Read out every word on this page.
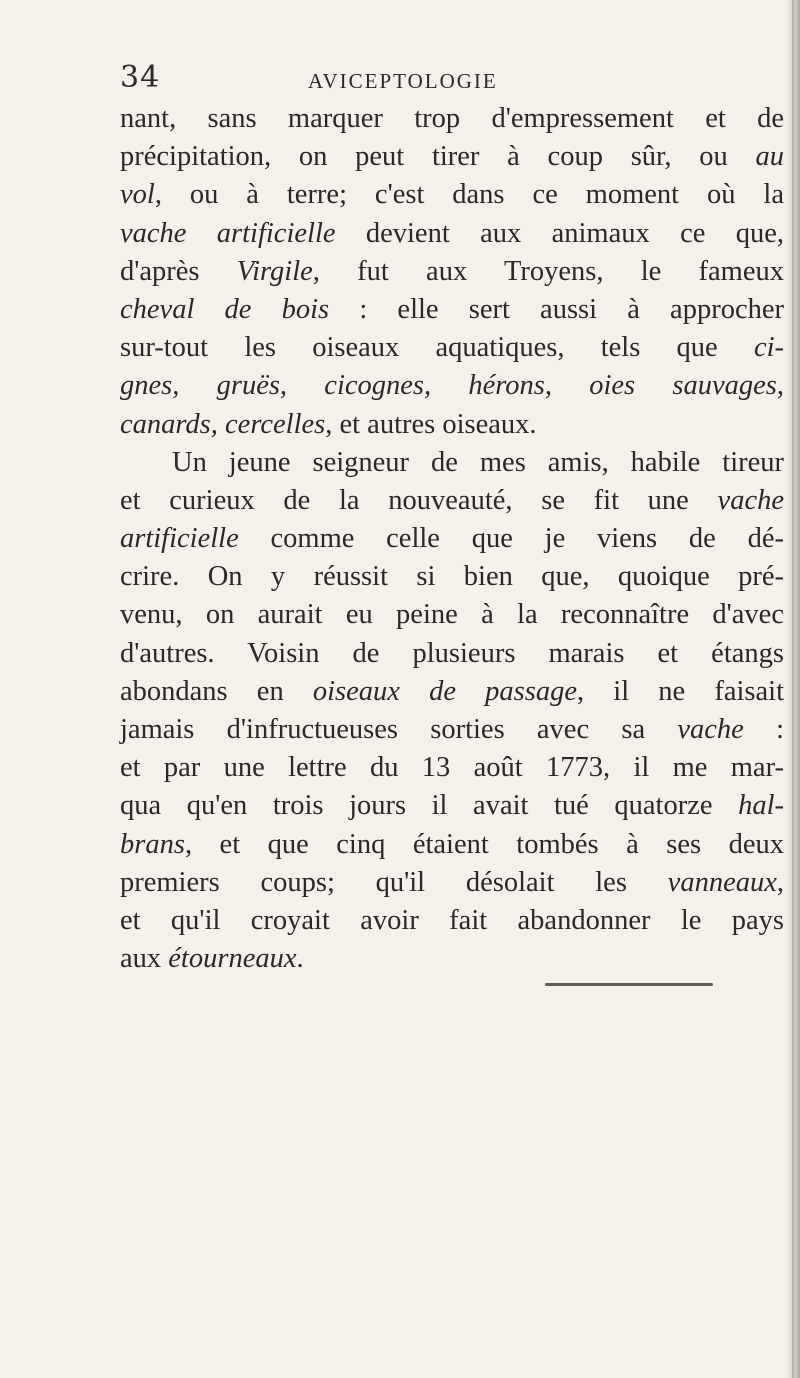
34	AVICEPTOLOGIE
nant, sans marquer trop d'empressement et de
précipitation, on peut tirer à coup sûr, ou au
vol, ou à terre; c'est dans ce moment où la
vache artificielle devient aux animaux ce que,
d'après Virgile, fut aux Troyens, le fameux
cheval de bois : elle sert aussi à approcher
sur-tout les oiseaux aquatiques, tels que ci-
gnes, gruës, cicognes, hérons, oies sauvages,
canards, cercelles, et autres oiseaux.
Un jeune seigneur de mes amis, habile tireur
et curieux de la nouveauté, se fit une vache
artificielle comme celle que je viens de dé-
crire. On y réussit si bien que, quoique pré-
venu, on aurait eu peine à la reconnaître d'avec
d'autres. Voisin de plusieurs marais et étangs
abondans en oiseaux de passage, il ne faisait
jamais d'infructueuses sorties avec sa vache :
et par une lettre du 13 août 1773, il me mar-
qua qu'en trois jours il avait tué quatorze hal-
brans, et que cinq étaient tombés à ses deux
premiers coups; qu'il désolait les vanneaux,
et qu'il croyait avoir fait abandonner le pays
aux étourneaux.
